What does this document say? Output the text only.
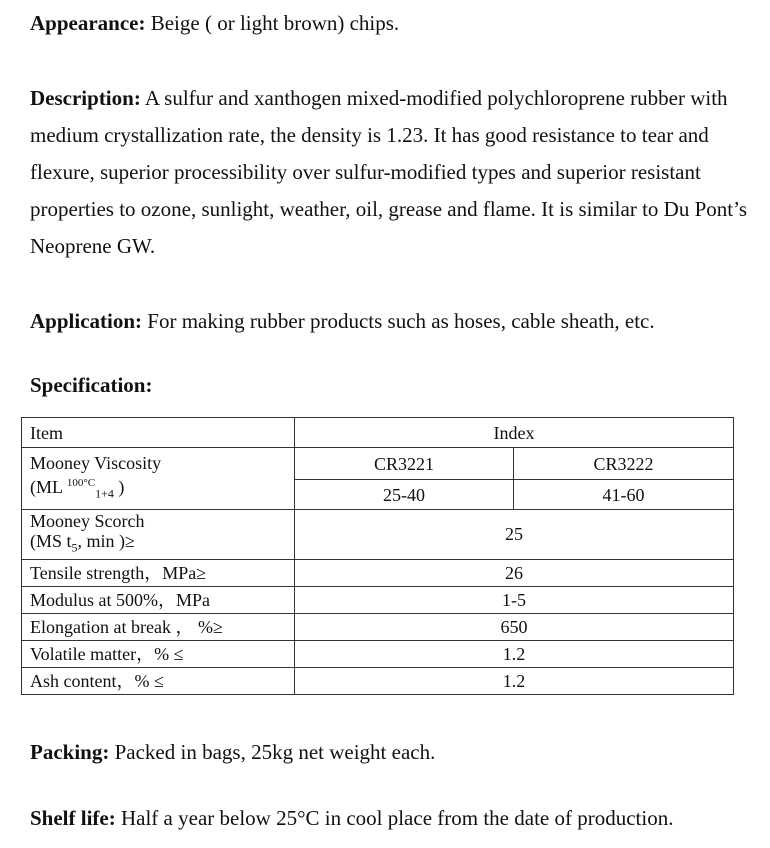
Appearance: Beige ( or light brown) chips.
Description: A sulfur and xanthogen mixed-modified polychloroprene rubber with medium crystallization rate, the density is 1.23. It has good resistance to tear and flexure, superior processibility over sulfur-modified types and superior resistant properties to ozone, sunlight, weather, oil, grease and flame. It is similar to Du Pont’s Neoprene GW.
Application: For making rubber products such as hoses, cable sheath, etc.
Specification:
Item	Index	

Mooney Viscosity
(ML $^{100^\circ C}_{1+4}$ )	CR3221	CR3222
	25-40	41-60

Mooney Scorch
(MS $t_5$, min )≥	25	
Tensile strength，MPa≥	26	
Modulus at 500%，MPa	1-5	
Elongation at break ， %≥	650	
Volatile matter，% ≤	1.2	
Ash content，% ≤	1.2	
Packing: Packed in bags, 25kg net weight each.
Shelf life: Half a year below 25°C in cool place from the date of production.
